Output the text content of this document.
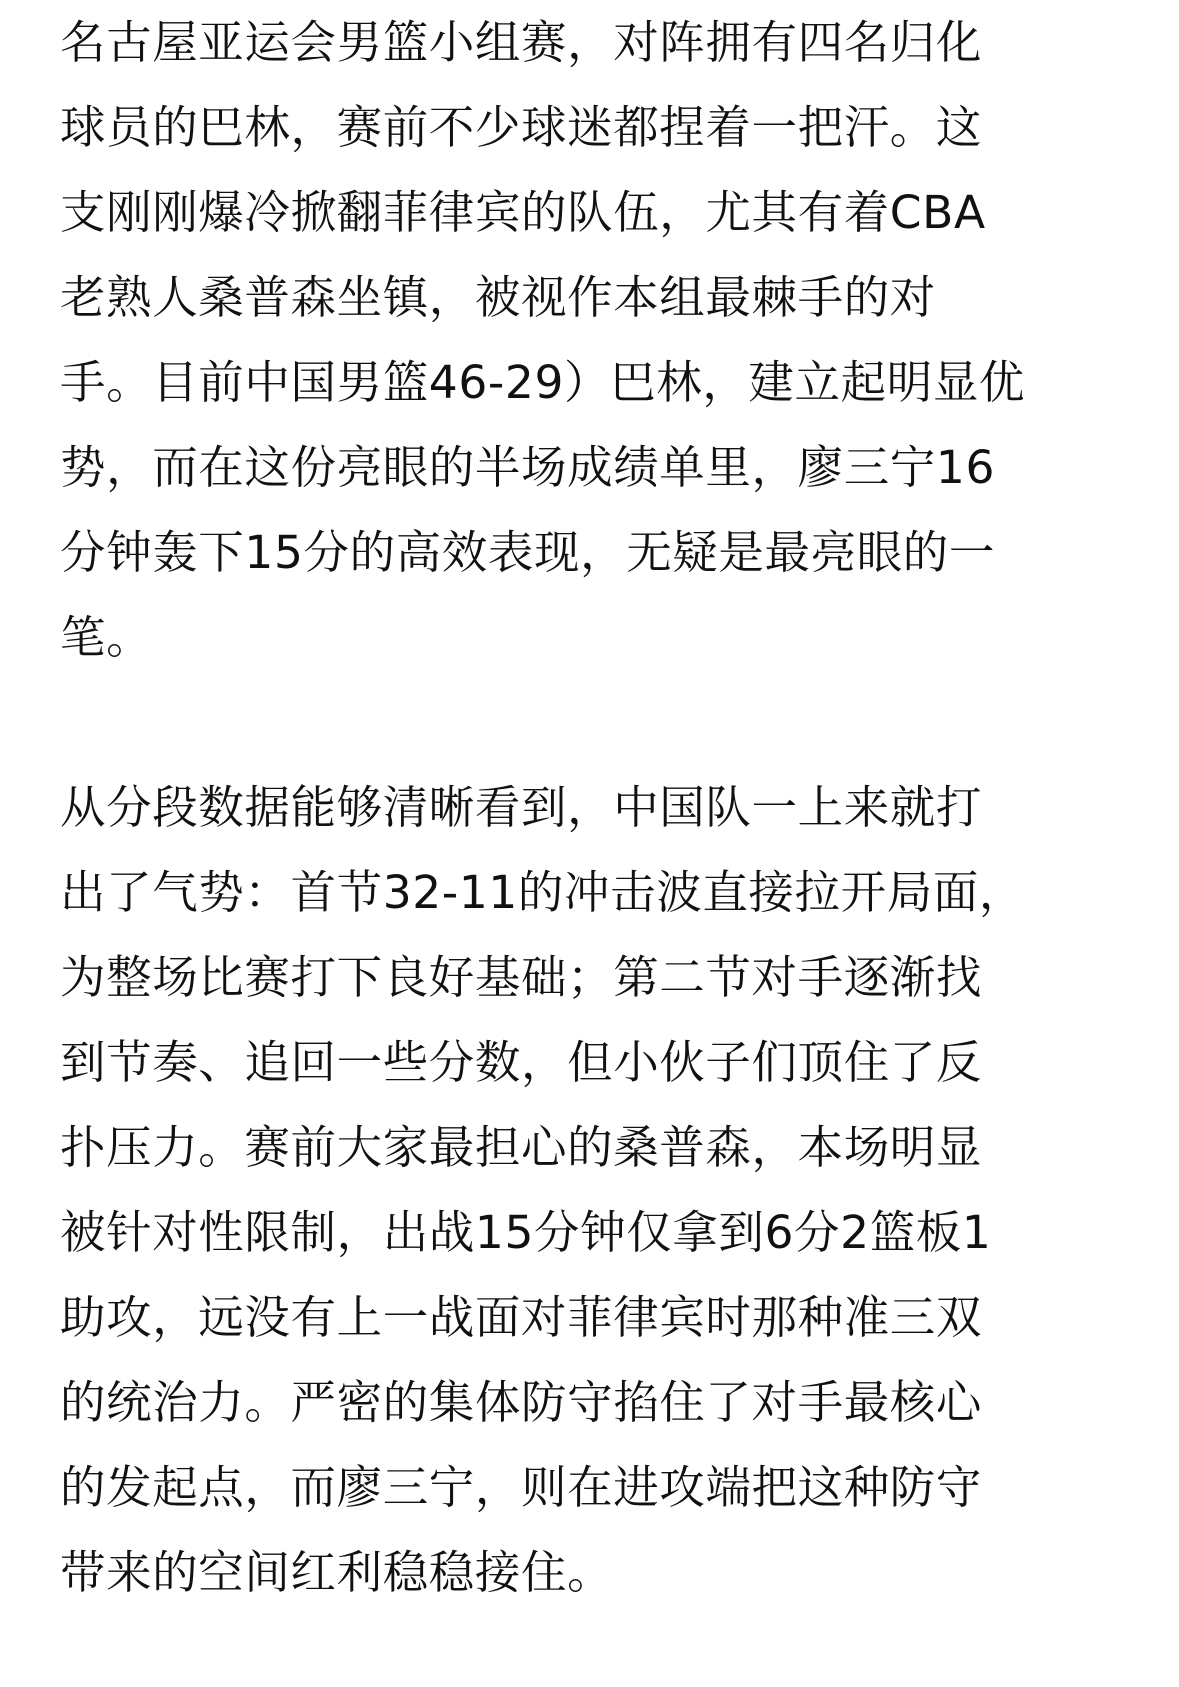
名古屋亚运会男篮小组赛，对阵拥有四名归化
球员的巴林，赛前不少球迷都捏着一把汗。这
支刚刚爆冷掀翻菲律宾的队伍，尤其有着CBA
老熟人桑普森坐镇，被视作本组最棘手的对
手。目前中国男篮46-29）巴林，建立起明显优
势，而在这份亮眼的半场成绩单里，廖三宁16
分钟轰下15分的高效表现，无疑是最亮眼的一
笔。

从分段数据能够清晰看到，中国队一上来就打
出了气势：首节32-11的冲击波直接拉开局面，
为整场比赛打下良好基础；第二节对手逐渐找
到节奏、追回一些分数，但小伙子们顶住了反
扑压力。赛前大家最担心的桑普森，本场明显
被针对性限制，出战15分钟仅拿到6分2篮板1
助攻，远没有上一战面对菲律宾时那种准三双
的统治力。严密的集体防守掐住了对手最核心
的发起点，而廖三宁，则在进攻端把这种防守
带来的空间红利稳稳接住。
